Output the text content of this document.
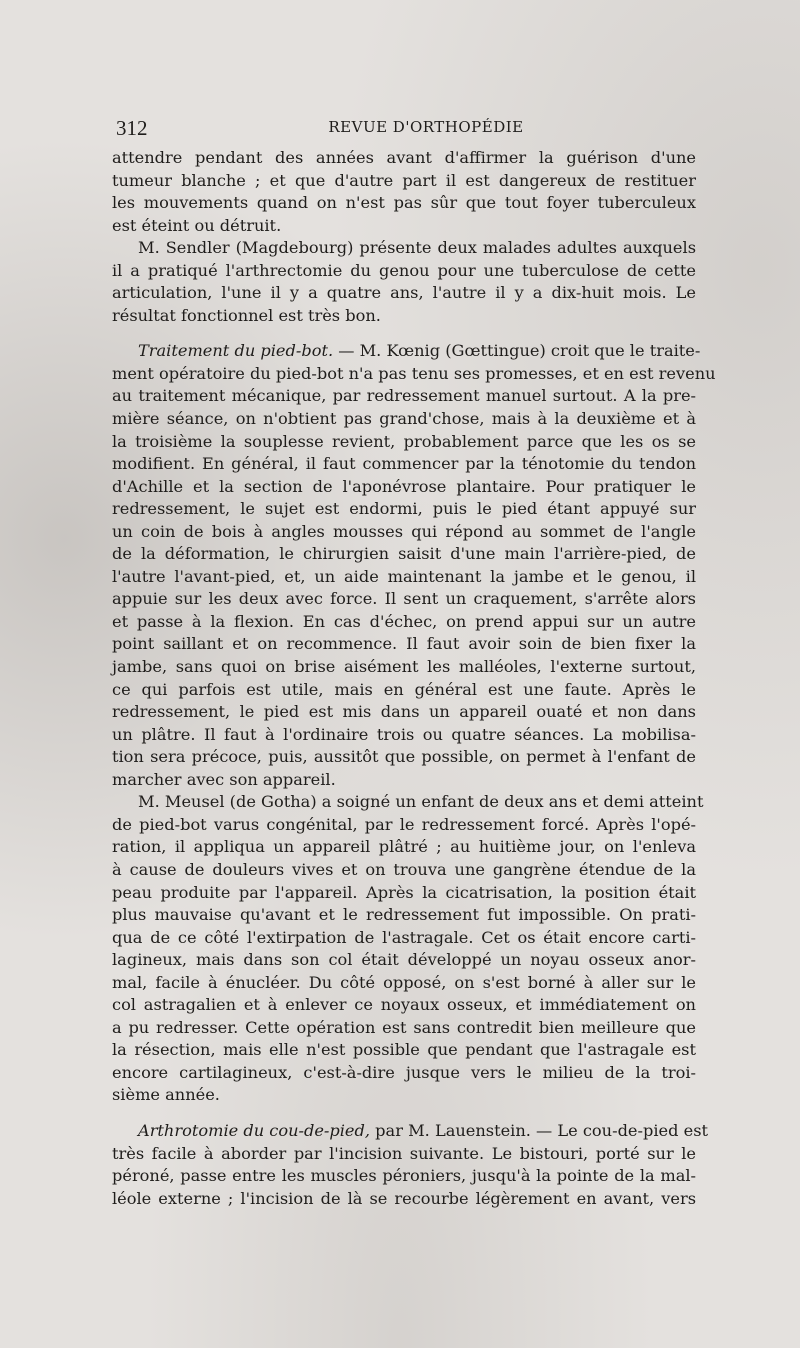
312	REVUE D'ORTHOPÉDIE
attendre pendant des années avant d'affirmer la guérison d'une
tumeur blanche ; et que d'autre part il est dangereux de restituer
les mouvements quand on n'est pas sûr que tout foyer tuberculeux
est éteint ou détruit.
M. Sendler (Magdebourg) présente deux malades adultes auxquels
il a pratiqué l'arthrectomie du genou pour une tuberculose de cette
articulation, l'une il y a quatre ans, l'autre il y a dix-huit mois. Le
résultat fonctionnel est très bon.
Traitement du pied-bot. — M. Kœnig (Gœttingue) croit que le traite-
ment opératoire du pied-bot n'a pas tenu ses promesses, et en est revenu
au traitement mécanique, par redressement manuel surtout. A la pre-
mière séance, on n'obtient pas grand'chose, mais à la deuxième et à
la troisième la souplesse revient, probablement parce que les os se
modifient. En général, il faut commencer par la ténotomie du tendon
d'Achille et la section de l'aponévrose plantaire. Pour pratiquer le
redressement, le sujet est endormi, puis le pied étant appuyé sur
un coin de bois à angles mousses qui répond au sommet de l'angle
de la déformation, le chirurgien saisit d'une main l'arrière-pied, de
l'autre l'avant-pied, et, un aide maintenant la jambe et le genou, il
appuie sur les deux avec force. Il sent un craquement, s'arrête alors
et passe à la flexion. En cas d'échec, on prend appui sur un autre
point saillant et on recommence. Il faut avoir soin de bien fixer la
jambe, sans quoi on brise aisément les malléoles, l'externe surtout,
ce qui parfois est utile, mais en général est une faute. Après le
redressement, le pied est mis dans un appareil ouaté et non dans
un plâtre. Il faut à l'ordinaire trois ou quatre séances. La mobilisa-
tion sera précoce, puis, aussitôt que possible, on permet à l'enfant de
marcher avec son appareil.
M. Meusel (de Gotha) a soigné un enfant de deux ans et demi atteint
de pied-bot varus congénital, par le redressement forcé. Après l'opé-
ration, il appliqua un appareil plâtré ; au huitième jour, on l'enleva
à cause de douleurs vives et on trouva une gangrène étendue de la
peau produite par l'appareil. Après la cicatrisation, la position était
plus mauvaise qu'avant et le redressement fut impossible. On prati-
qua de ce côté l'extirpation de l'astragale. Cet os était encore carti-
lagineux, mais dans son col était développé un noyau osseux anor-
mal, facile à énucléer. Du côté opposé, on s'est borné à aller sur le
col astragalien et à enlever ce noyaux osseux, et immédiatement on
a pu redresser. Cette opération est sans contredit bien meilleure que
la résection, mais elle n'est possible que pendant que l'astragale est
encore cartilagineux, c'est-à-dire jusque vers le milieu de la troi-
sième année.
Arthrotomie du cou-de-pied, par M. Lauenstein. — Le cou-de-pied est
très facile à aborder par l'incision suivante. Le bistouri, porté sur le
péroné, passe entre les muscles péroniers, jusqu'à la pointe de la mal-
léole externe ; l'incision de là se recourbe légèrement en avant, vers
